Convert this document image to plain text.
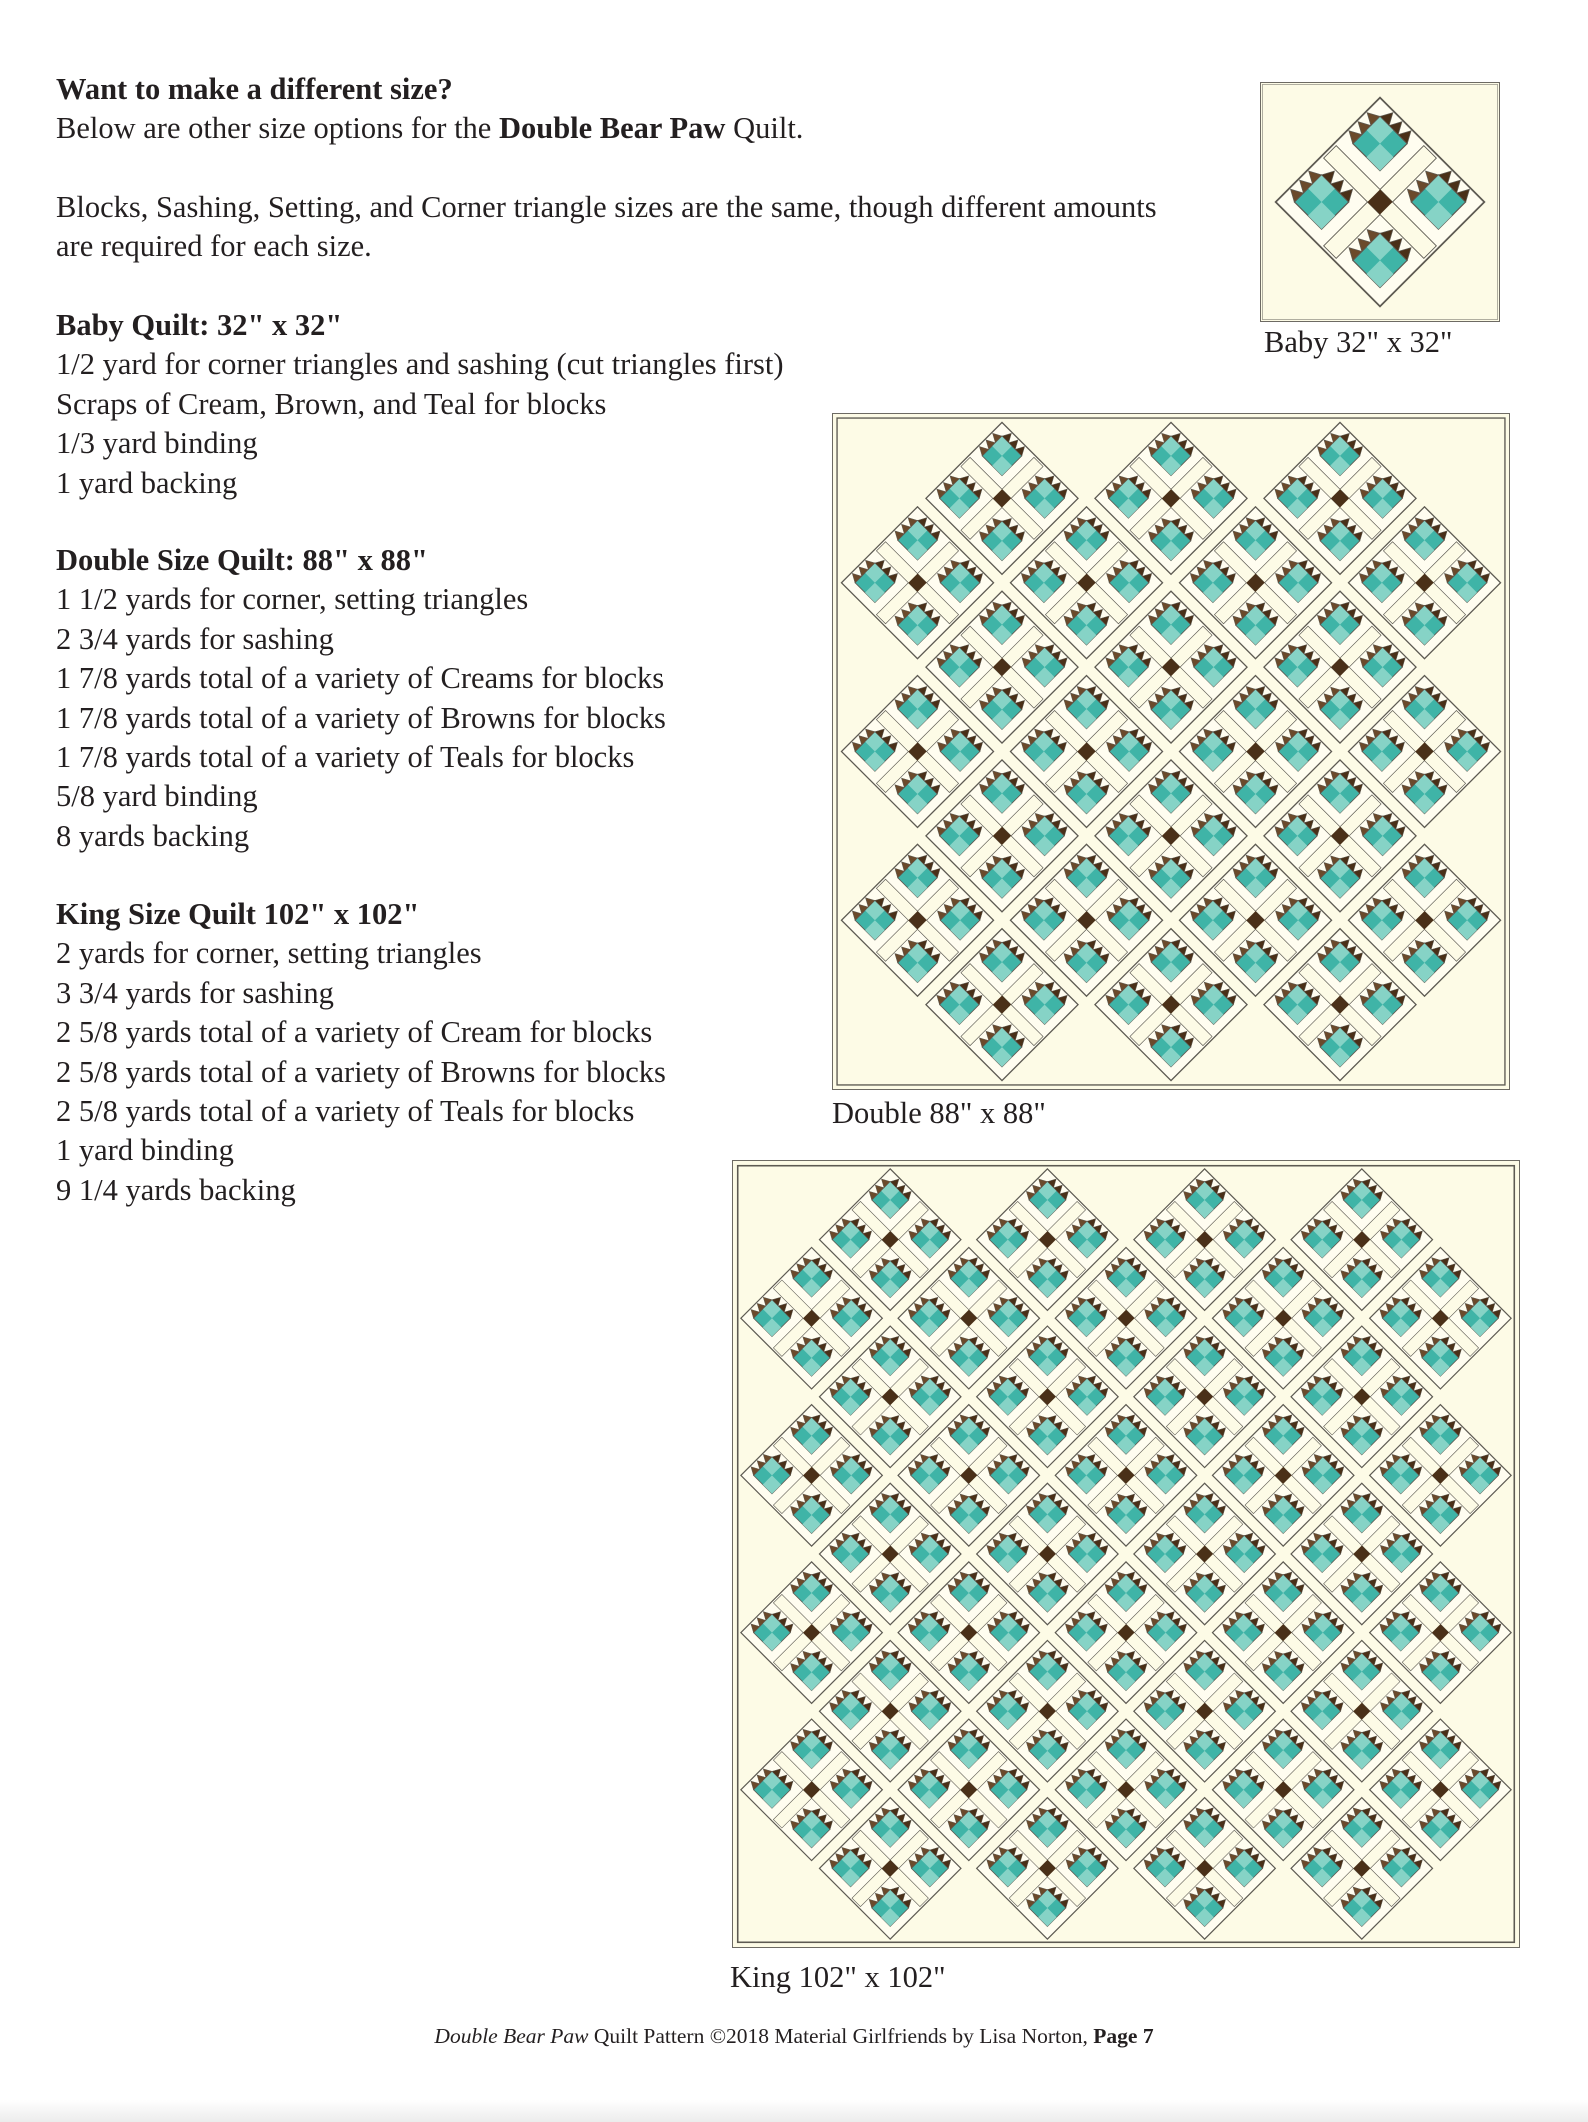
Want to make a different size?
Below are other size options for the Double Bear Paw Quilt.
Blocks, Sashing, Setting, and Corner triangle sizes are the same, though different amounts
are required for each size.
Baby Quilt: 32" x 32"
1/2 yard for corner triangles and sashing (cut triangles first)
Scraps of Cream, Brown, and Teal for blocks
1/3 yard binding
1 yard backing
Double Size Quilt: 88" x 88"
1 1/2 yards for corner, setting triangles
2 3/4 yards for sashing
1 7/8 yards total of a variety of Creams for blocks
1 7/8 yards total of a variety of Browns for blocks
1 7/8 yards total of a variety of Teals for blocks
5/8 yard binding
8 yards backing
King Size Quilt 102" x 102"
2 yards for corner, setting triangles
3 3/4 yards for sashing
2 5/8 yards total of a variety of Cream for blocks
2 5/8 yards total of a variety of Browns for blocks
2 5/8 yards total of a variety of Teals for blocks
1 yard binding
9 1/4 yards backing
Baby 32" x 32"
Double 88" x 88"
King 102" x 102"
Double Bear Paw Quilt Pattern ©2018 Material Girlfriends by Lisa Norton, Page 7
